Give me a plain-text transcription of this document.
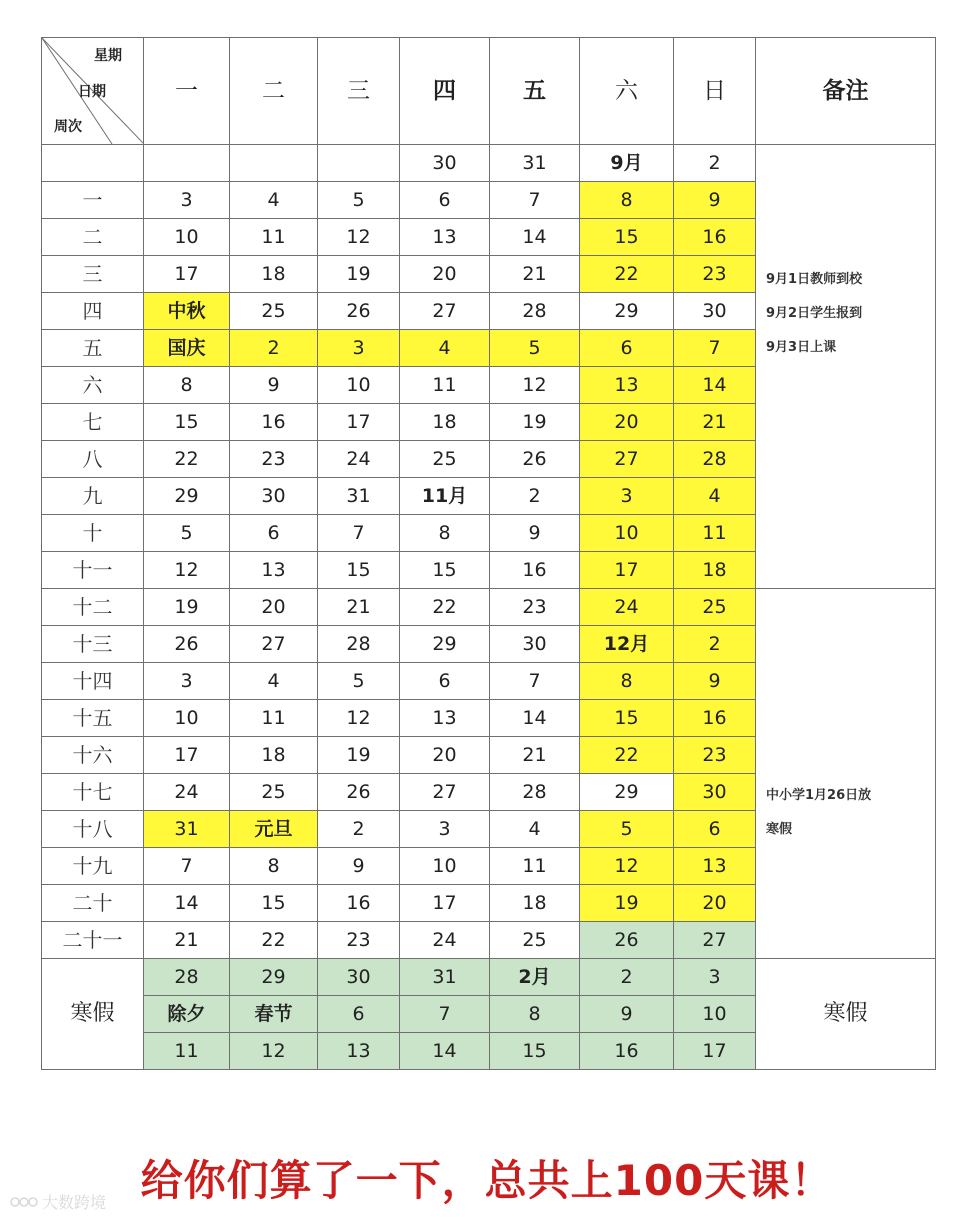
星期
日期
周次	一	二	三	四	五	六	日	备注
				30	31	9月	2	9月1日教师到校
9月2日学生报到
9月3日上课

一	3	4	5	6	7	8	9	
二	10	11	12	13	14	15	16	
三	17	18	19	20	21	22	23	
四	中秋	25	26	27	28	29	30	
五	国庆	2	3	4	5	6	7	
六	8	9	10	11	12	13	14	
七	15	16	17	18	19	20	21	
八	22	23	24	25	26	27	28	
九	29	30	31	11月	2	3	4	
十	5	6	7	8	9	10	11	
十一	12	13	15	15	16	17	18	
十二	19	20	21	22	23	24	25	中小学1月26日放
寒假

十三	26	27	28	29	30	12月	2	
十四	3	4	5	6	7	8	9	
十五	10	11	12	13	14	15	16	
十六	17	18	19	20	21	22	23	
十七	24	25	26	27	28	29	30	
十八	31	元旦	2	3	4	5	6	
十九	7	8	9	10	11	12	13	
二十	14	15	16	17	18	19	20	
二十一	21	22	23	24	25	26	27	
寒假	28	29	30	31	2月	2	3	寒假
	除夕	春节	6	7	8	9	10	
	11	12	13	14	15	16	17	
给你们算了一下，总共上100天课！
大数跨境
